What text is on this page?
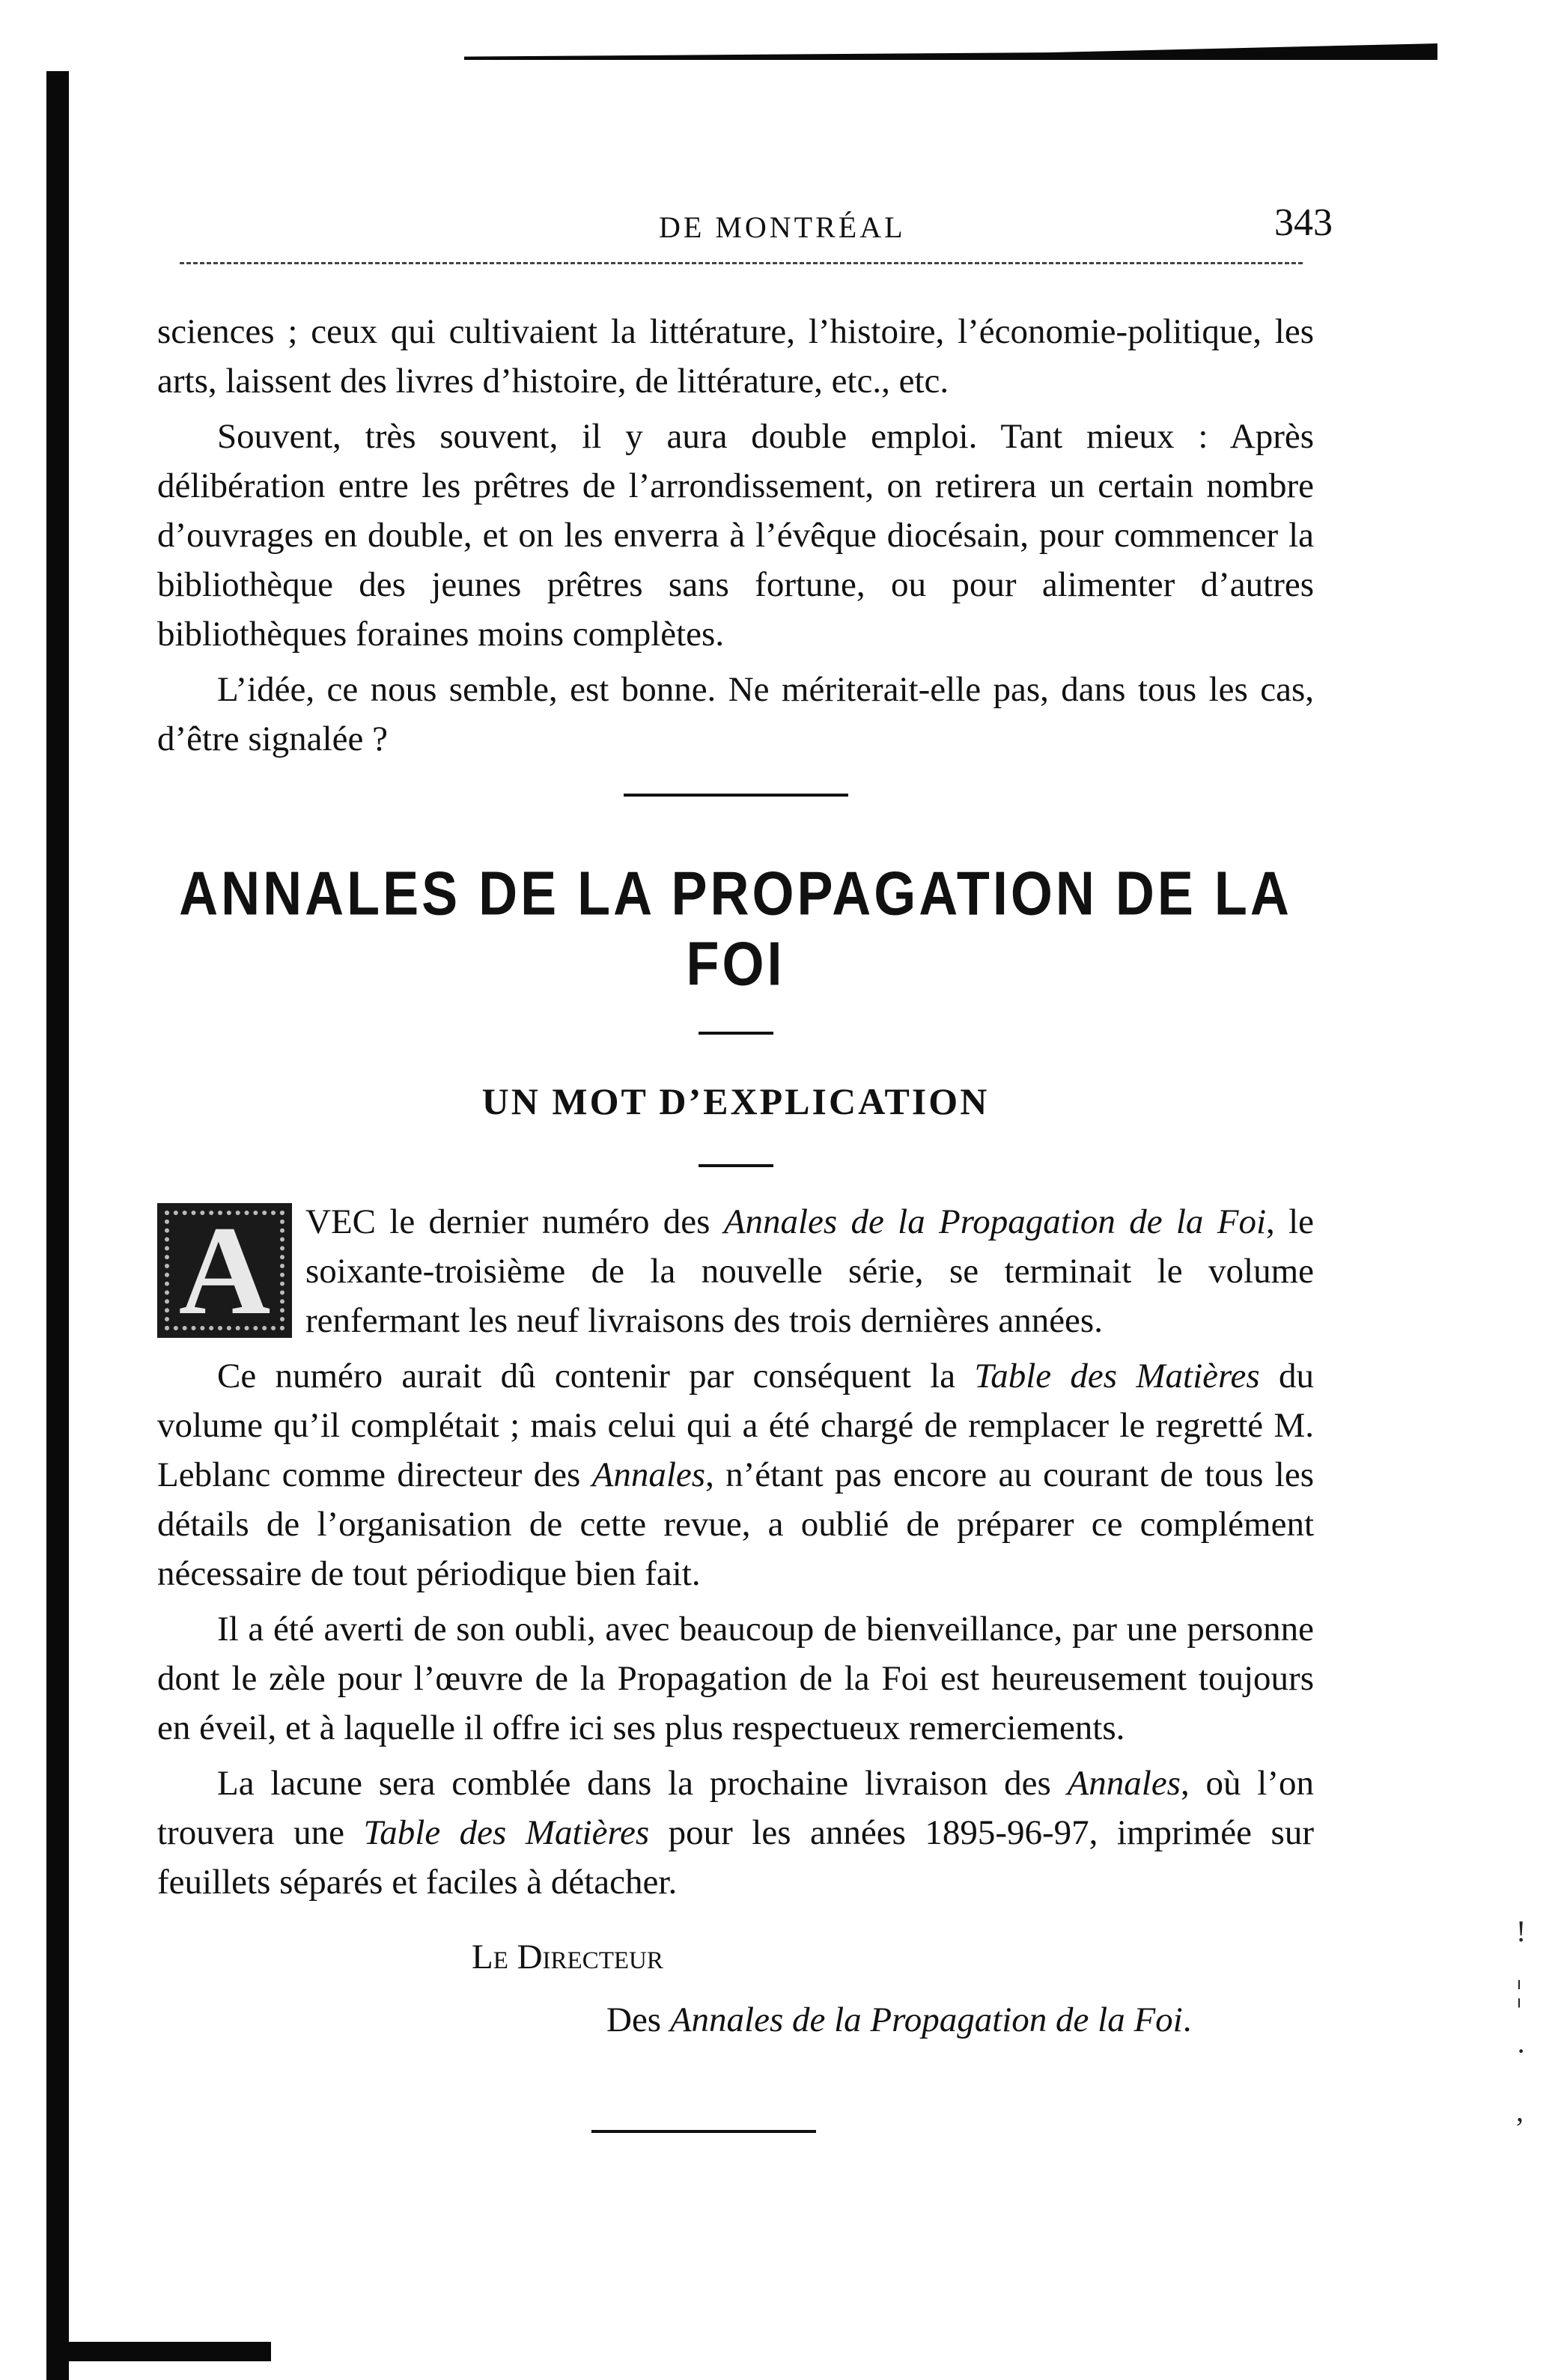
!
¦
·
,
DE MONTRÉAL	343

sciences ; ceux qui cultivaient la littérature, l’histoire, l’économie-politique, les arts, laissent des livres d’histoire, de littérature, etc., etc.

Souvent, très souvent, il y aura double emploi. Tant mieux : Après délibération entre les prêtres de l’arrondissement, on retirera un certain nombre d’ouvrages en double, et on les enverra à l’évêque diocésain, pour commencer la bibliothèque des jeunes prêtres sans fortune, ou pour alimenter d’autres bibliothèques foraines moins complètes.

L’idée, ce nous semble, est bonne. Ne mériterait-elle pas, dans tous les cas, d’être signalée ?

ANNALES DE LA PROPAGATION DE LA FOI
UN MOT D’EXPLICATION

A VEC le dernier numéro des Annales de la Propagation de la Foi, le soixante-troisième de la nouvelle série, se terminait le volume renfermant les neuf livraisons des trois dernières années.

Ce numéro aurait dû contenir par conséquent la Table des Matières du volume qu’il complétait ; mais celui qui a été chargé de remplacer le regretté M. Leblanc comme directeur des Annales, n’étant pas encore au courant de tous les détails de l’organisation de cette revue, a oublié de préparer ce complément nécessaire de tout périodique bien fait.

Il a été averti de son oubli, avec beaucoup de bienveillance, par une personne dont le zèle pour l’œuvre de la Propagation de la Foi est heureusement toujours en éveil, et à laquelle il offre ici ses plus respectueux remerciements.

La lacune sera comblée dans la prochaine livraison des Annales, où l’on trouvera une Table des Matières pour les années 1895-96-97, imprimée sur feuillets séparés et faciles à détacher.

Le Directeur
Des Annales de la Propagation de la Foi.
